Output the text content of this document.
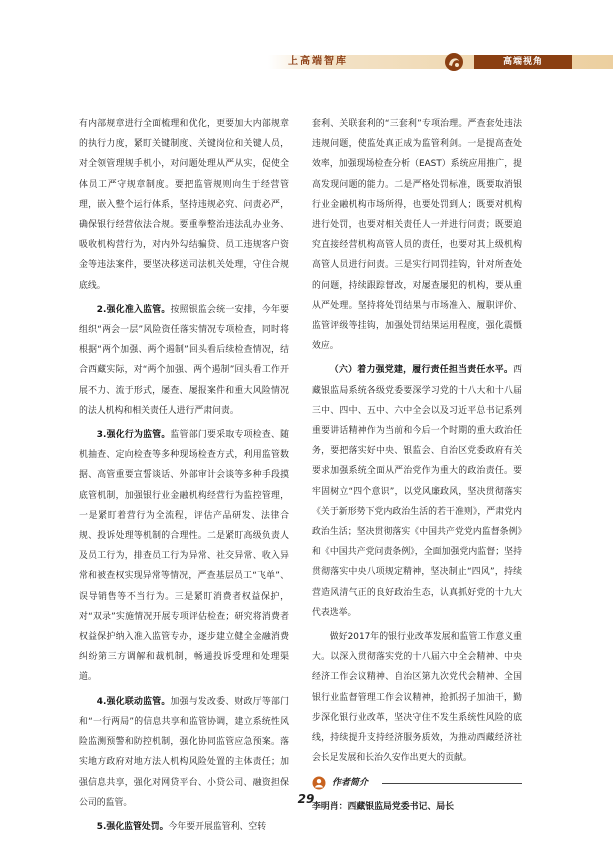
上高端智库	高端视角

有内部规章进行全面梳理和优化，更要加大内部规章的执行力度，紧盯关键制度、关键岗位和关键人员，对全领管理规手机小，对问题处理从严从实，促使全体员工严守规章制度。要把监管规则向生于经营管理，嵌入整个运行体系，坚持违规必究、问责必严，确保银行经营依法合规。要重拳整治违法乱办业务、吸收机构营行为，对内外勾结骗贷、员工违规客户资金等违法案件，要坚决移送司法机关处理，守住合规底线。

2.强化准入监管。按照银监会统一安排，今年要组织“两会一层”风险资任落实情况专项检查，同时将根据“两个加强、两个遏制”回头看后续检查情况，结合西藏实际，对“两个加强、两个遏制”回头看工作开展不力、流于形式，屡查、屡报案件和重大风险情况的法人机构和相关责任人进行严肃问责。

3.强化行为监管。监管部门要采取专项检查、随机抽查、定向检查等多种现场检查方式，利用监管数据、高管重要宣誓谈话、外部审计会谈等多种手段摸底管机制，加强银行业金融机构经营行为监控管理，一是紧盯着营行为全流程，评估产品研发、法律合规、投诉处理等机制的合理性。二是紧盯高级负责人及员工行为，排查员工行为异常、社交异常、收入异常和被查权实现异常等情况，严查基层员工“飞单”、误导销售等不当行为。三是紧盯消费者权益保护，对“双录”实施情况开展专项评估检查；研究将消费者权益保护纳入准入监管专办，逐步建立健全金融消费纠纷第三方调解和裁机制，畅通投诉受理和处理渠道。

4.强化联动监管。加强与发改委、财政厅等部门和“一行两局”的信息共享和监管协调，建立系统性风险监测预警和防控机制，强化协同监管应急预案。落实地方政府对地方法人机构风险处置的主体责任；加强信息共享，强化对网贷平台、小贷公司、融资担保公司的监管。

5.强化监管处罚。今年要开展监管利、空转

套利、关联套利的“三套利”专项治理。严查套处违法违规问题，使监处真正成为监管利剑。一是提高查处效率，加强现场检查分析（EAST）系统应用推广，提高发现问题的能力。二是严格处罚标准，既要取消银行业金融机构市场所得，也要处罚到人；既要对机构进行处罚，也要对相关责任人一并进行问责；既要追究直接经营机构高管人员的责任，也要对其上级机构高管人员进行问责。三是实行同罚挂钩，针对所查处的问题，持续跟踪督改，对屡查屡犯的机构，要从重从严处理。坚持将处罚结果与市场准入、履职评价、监管评级等挂钩，加强处罚结果运用程度，强化震慑效应。

（六）着力强党建，履行责任担当责任水平。西藏银监局系统各级党委要深学习党的十八大和十八届三中、四中、五中、六中全会以及习近平总书记系列重要讲话精神作为当前和今后一个时期的重大政治任务，要把落实好中央、银监会、自治区党委政府有关要求加强系统全面从严治党作为重大的政治责任。要牢固树立“四个意识”，以党风廉政风，坚决贯彻落实《关于新形势下党内政治生活的若干准则》，严肃党内政治生活；坚决贯彻落实《中国共产党党内监督条例》和《中国共产党问责条例》，全面加强党内监督；坚持贯彻落实中央八项规定精神，坚决制止“四风”，持续营造风清气正的良好政治生态，认真抓好党的十九大代表选举。

做好2017年的银行业改革发展和监管工作意义重大。以深入贯彻落实党的十八届六中全会精神、中央经济工作会议精神、自治区第九次党代会精神、全国银行业监督管理工作会议精神，抢抓拐子加油干，勤步深化银行业改革，坚决守住不发生系统性风险的底线，持续提升支持经济服务质效，为推动西藏经济社会长足发展和长治久安作出更大的贡献。

作者简介
李明肖：西藏银监局党委书记、局长
29
